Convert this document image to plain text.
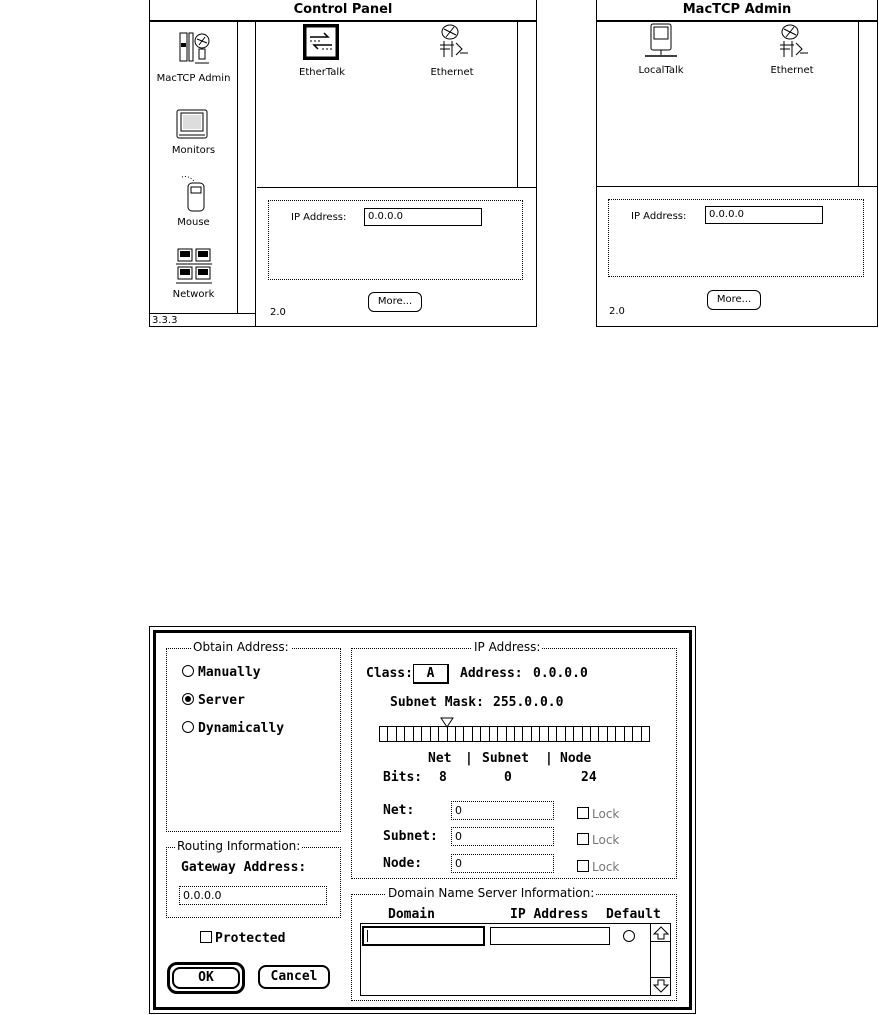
Control Panel
MacTCP Admin
Monitors
Mouse
Network
3.3.3
EtherTalk	Ethernet
IP Address:	0.0.0.0
2.0
More...
MacTCP Admin
LocalTalk	Ethernet
IP Address:	0.0.0.0
2.0
More...
Obtain Address:
Manually
Server
Dynamically
Routing Information:
Gateway Address:
0.0.0.0
Protected
OK	Cancel
IP Address:
Class:	A	Address: 0.0.0.0
Subnet Mask: 255.0.0.0
Net | Subnet | Node
Bits: 8	0	24
Net:	0	Lock
Subnet:	0	Lock
Node:	0	Lock
Domain Name Server Information:
Domain	IP Address Default
